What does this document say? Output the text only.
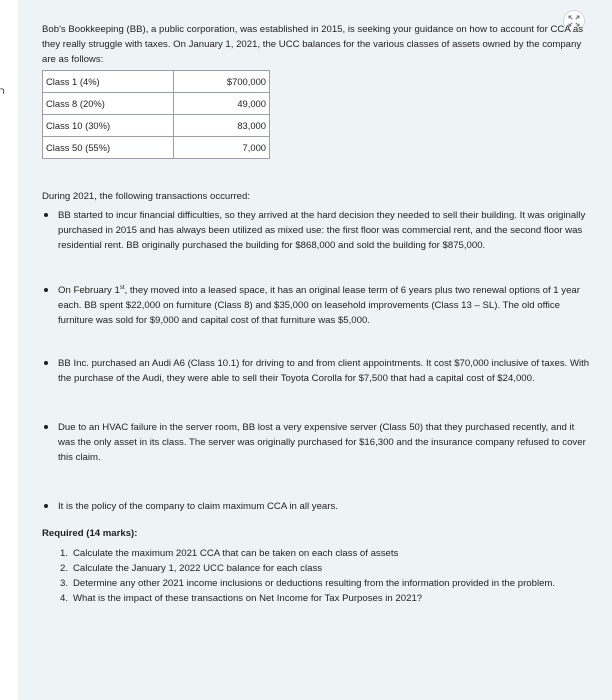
ר

Bob's Bookkeeping (BB), a public corporation, was established in 2015, is seeking your guidance on how to account for CCA as they really struggle with taxes. On January 1, 2021, the UCC balances for the various classes of assets owned by the company are as follows:

Class 1 (4%)	$700,000
Class 8 (20%)	49,000
Class 10 (30%)	83,000
Class 50 (55%)	7,000

During 2021, the following transactions occurred:

BB started to incur financial difficulties, so they arrived at the hard decision they needed to sell their building. It was originally purchased in 2015 and has always been utilized as mixed use: the first floor was commercial rent, and the second floor was residential rent. BB originally purchased the building for $868,000 and sold the building for $875,000.
On February 1st, they moved into a leased space, it has an original lease term of 6 years plus two renewal options of 1 year each. BB spent $22,000 on furniture (Class 8) and $35,000 on leasehold improvements (Class 13 – SL). The old office furniture was sold for $9,000 and capital cost of that furniture was $5,000.
BB Inc. purchased an Audi A6 (Class 10.1) for driving to and from client appointments. It cost $70,000 inclusive of taxes. With the purchase of the Audi, they were able to sell their Toyota Corolla for $7,500 that had a capital cost of $24,000.
Due to an HVAC failure in the server room, BB lost a very expensive server (Class 50) that they purchased recently, and it was the only asset in its class. The server was originally purchased for $16,300 and the insurance company refused to cover this claim.
It is the policy of the company to claim maximum CCA in all years.

Required (14 marks):

1. Calculate the maximum 2021 CCA that can be taken on each class of assets
2. Calculate the January 1, 2022 UCC balance for each class
3. Determine any other 2021 income inclusions or deductions resulting from the information provided in the problem.
4. What is the impact of these transactions on Net Income for Tax Purposes in 2021?
